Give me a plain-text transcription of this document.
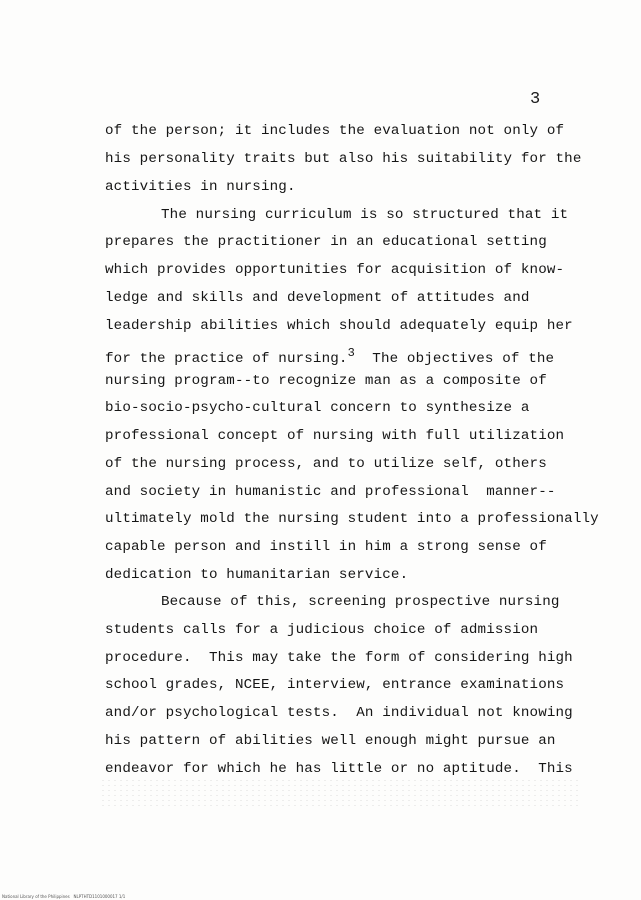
3
of the person; it includes the evaluation not only of
his personality traits but also his suitability for the
activities in nursing.
The nursing curriculum is so structured that it
prepares the practitioner in an educational setting
which provides opportunities for acquisition of know-
ledge and skills and development of attitudes and
leadership abilities which should adequately equip her
for the practice of nursing.$^3$  The objectives of the
nursing program--to recognize man as a composite of
bio-socio-psycho-cultural concern to synthesize a
professional concept of nursing with full utilization
of the nursing process, and to utilize self, others
and society in humanistic and professional  manner--
ultimately mold the nursing student into a professionally
capable person and instill in him a strong sense of
dedication to humanitarian service.
Because of this, screening prospective nursing
students calls for a judicious choice of admission
procedure.  This may take the form of considering high
school grades, NCEE, interview, entrance examinations
and/or psychological tests.  An individual not knowing
his pattern of abilities well enough might pursue an
endeavor for which he has little or no aptitude.  This
National Library of the Philippines   NLPTHTD1101000017 1/1
